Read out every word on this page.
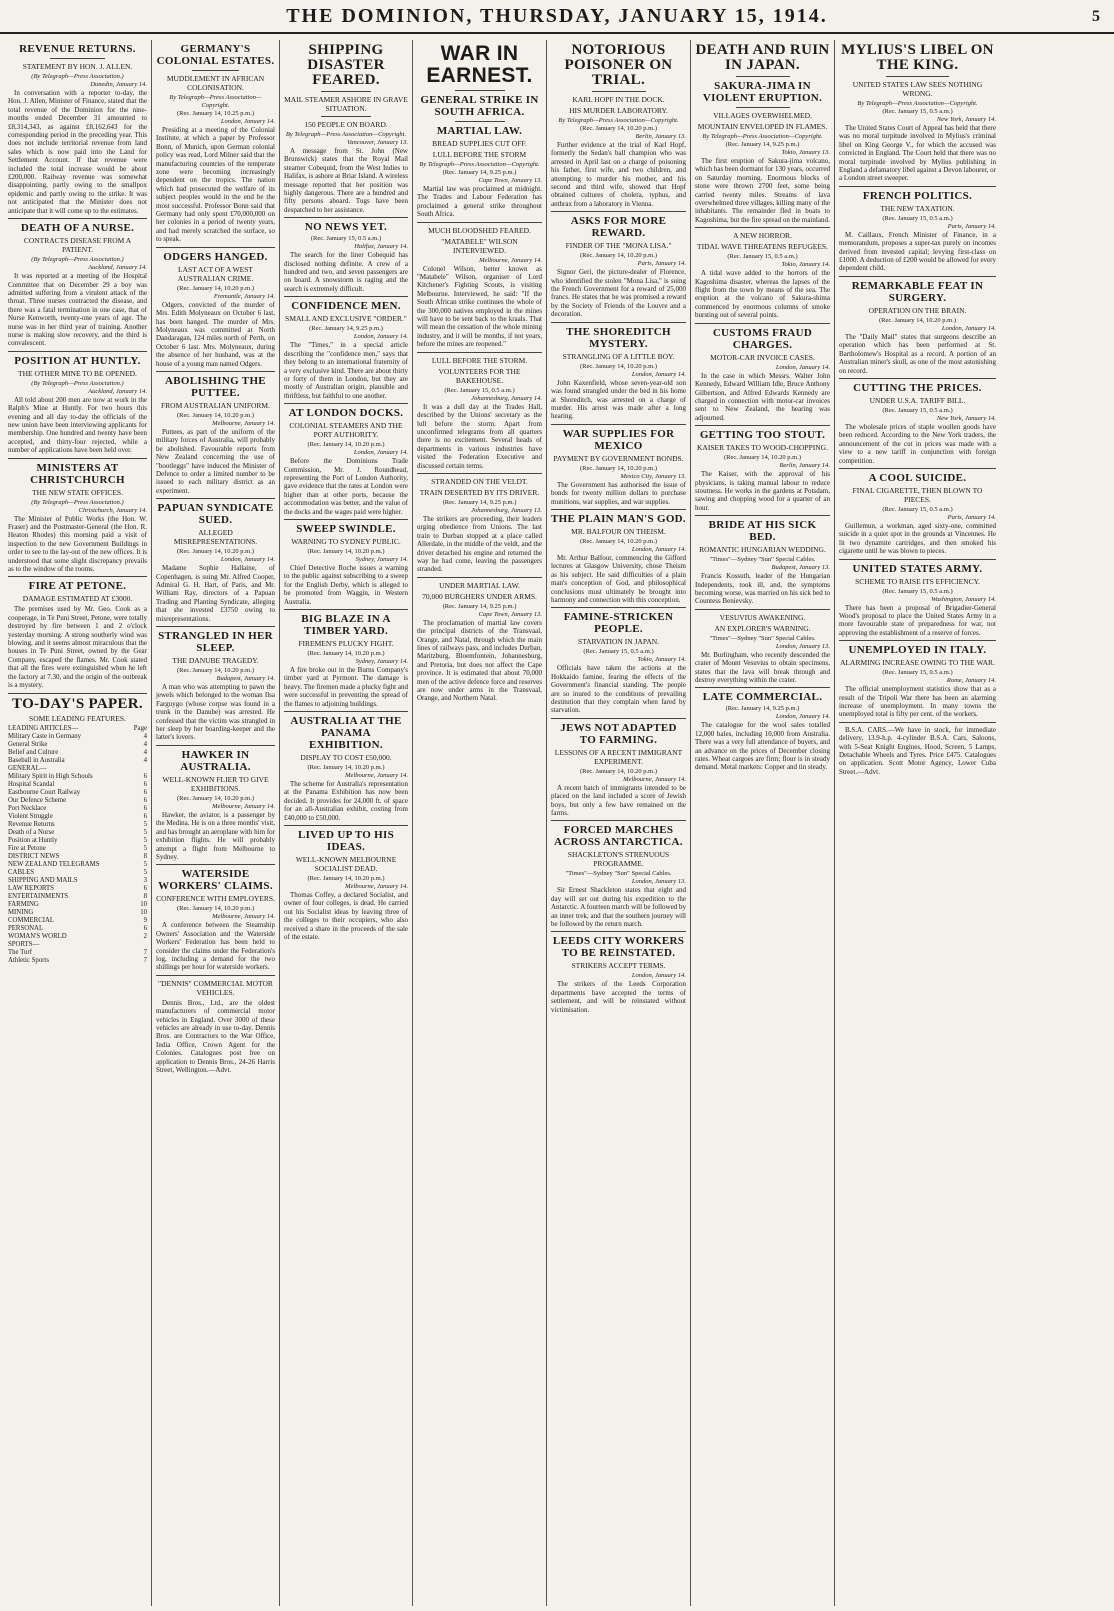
THE DOMINION, THURSDAY, JANUARY 15, 1914.	5
REVENUE RETURNS.
STATEMENT BY HON. J. ALLEN.
(By Telegraph—Press Association.)
Dunedin, January 14.

In conversation with a reporter to-day, the Hon. J. Allen, Minister of Finance, stated that the total revenue of the Dominion for the nine-months ended December 31 amounted to £8,314,343, as against £8,162,643 for the corresponding period in the preceding year. This does not include territorial revenue from land sales which is now paid into the Land for Settlement Account. If that revenue were included the total increase would be about £200,000. Railway revenue was somewhat disappointing, partly owing to the smallpox epidemic and partly owing to the strike. It was not anticipated that the Minister does not anticipate that it will come up to the estimates.

DEATH OF A NURSE.
CONTRACTS DISEASE FROM A PATIENT.
(By Telegraph—Press Association.)
Auckland, January 14.

It was reported at a meeting of the Hospital Committee that on December 29 a boy was admitted suffering from a virulent attack of the throat. Three nurses contracted the disease, and there was a fatal termination in one case, that of Nurse Kenworth, twenty-one years of age. The nurse was in her third year of training. Another nurse is making slow recovery, and the third is convalescent.

POSITION AT HUNTLY.
THE OTHER MINE TO BE OPENED.
(By Telegraph—Press Association.)
Auckland, January 14.

All told about 200 men are now at work in the Ralph's Mine at Huntly. For two hours this evening and all day to-day the officials of the new union have been interviewing applicants for membership. One hundred and twenty have been accepted, and thirty-four rejected, while a number of applications have been held over.

MINISTERS AT CHRISTCHURCH
THE NEW STATE OFFICES.
(By Telegraph—Press Association.)
Christchurch, January 14.

The Minister of Public Works (the Hon. W. Fraser) and the Postmaster-General (the Hon. R. Heaton Rhodes) this morning paid a visit of inspection to the new Government Buildings in order to see to the lay-out of the new offices. It is understood that some slight discrepancy prevails as to the window of the rooms.

FIRE AT PETONE.
DAMAGE ESTIMATED AT £3000.

The premises used by Mr. Geo. Cook as a cooperage, in Te Puni Street, Petone, were totally destroyed by fire between 1 and 2 o'clock yesterday morning. A strong southerly wind was blowing, and it seems almost miraculous that the houses in Te Puni Street, owned by the Gear Company, escaped the flames. Mr. Cook stated that all the fires were extinguished when he left the factory at 7.30, and the origin of the outbreak is a mystery.

TO-DAY'S PAPER.
SOME LEADING FEATURES.
LEADING ARTICLES—	Page
Military Caste in Germany	4
General Strike	4
Belief and Culture	4
Baseball in Australia	4
GENERAL—
Military Spirit in High Schools	6
Hospital Scandal	6
Eastbourne Court Railway	6
Our Defence Scheme	6
Port Necklace	6
Violent Struggle	6
Revenue Returns	5
Death of a Nurse	5
Position at Huntly	5
Fire at Petone	5
DISTRICT NEWS	8
NEW ZEALAND TELEGRAMS	5
CABLES	5
SHIPPING AND MAILS	3
LAW REPORTS	6
ENTERTAINMENTS	8
FARMING	10
MINING	10
COMMERCIAL	9
PERSONAL	6
WOMAN'S WORLD	2
SPORTS—
The Turf	7
Athletic Sports	7
GERMANY'S COLONIAL ESTATES.
MUDDLEMENT IN AFRICAN COLONISATION.
By Telegraph—Press Association—Copyright.
(Rec. January 14, 10.25 p.m.)
London, January 14.

Presiding at a meeting of the Colonial Institute, at which a paper by Professor Bonn, of Munich, upon German colonial policy was read, Lord Milner said that the manufacturing countries of the temperate zone were becoming increasingly dependent on the tropics. The nation which had prosecuted the welfare of its subject peoples would in the end be the most successful. Professor Bonn said that Germany had only spent £70,000,000 on her colonies in a period of twenty years, and had merely scratched the surface, so to speak.

ODGERS HANGED.
LAST ACT OF A WEST AUSTRALIAN CRIME.
(Rec. January 14, 10.20 p.m.)
Fremantle, January 14.

Odgers, convicted of the murder of Mrs. Edith Molyneaux on October 6 last, has been hanged. The murder of Mrs. Molyneaux was committed at North Dandaragan, 124 miles north of Perth, on October 6 last. Mrs. Molyneaux, during the absence of her husband, was at the house of a young man named Odgers.

ABOLISHING THE PUTTEE.
FROM AUSTRALIAN UNIFORM.
(Rec. January 14, 10.20 p.m.)
Melbourne, January 14.

Puttees, as part of the uniform of the military forces of Australia, will probably be abolished. Favourable reports from New Zealand concerning the use of "bootleggs" have induced the Minister of Defence to order a limited number to be issued to each military district as an experiment.

PAPUAN SYNDICATE SUED.
ALLEGED MISREPRESENTATIONS.
(Rec. January 14, 10.20 p.m.)
London, January 14.

Madame Sophie Hallaine, of Copenhagen, is suing Mr. Alfred Cooper, Admiral G. H. Hart, of Paris, and Mr. William Ray, directors of a Papuan Trading and Planting Syndicate, alleging that she invested £3750 owing to misrepresentations.

STRANGLED IN HER SLEEP.
THE DANUBE TRAGEDY.
(Rec. January 14, 10.20 p.m.)
Budapest, January 14.

A man who was attempting to pawn the jewels which belonged to the woman Ilsa Farguygo (whose corpse was found in a trunk in the Danube) was arrested. He confessed that the victim was strangled in her sleep by her boarding-keeper and the latter's lovers.

HAWKER IN AUSTRALIA.
WELL-KNOWN FLIER TO GIVE EXHIBITIONS.
(Rec. January 14, 10.20 p.m.)
Melbourne, January 14.

Hawker, the aviator, is a passenger by the Medina. He is on a three months' visit, and has brought an aeroplane with him for exhibition flights. He will probably attempt a flight from Melbourne to Sydney.

WATERSIDE WORKERS' CLAIMS.
CONFERENCE WITH EMPLOYERS.
(Rec. January 14, 10.20 p.m.)
Melbourne, January 14.

A conference between the Steamship Owners' Association and the Waterside Workers' Federation has been held to consider the claims under the Federation's log, including a demand for the two shillings per hour for waterside workers.

"DENNIS" COMMERCIAL MOTOR VEHICLES.

Dennis Bros., Ltd., are the oldest manufacturers of commercial motor vehicles in England. Over 3000 of these vehicles are already in use to-day. Dennis Bros. are Contractors to the War Office, India Office, Crown Agent for the Colonies. Catalogues post free on application to Dennis Bros., 24-26 Harris Street, Wellington.—Advt.

SHIPPING DISASTER FEARED.
MAIL STEAMER ASHORE IN GRAVE SITUATION.
150 PEOPLE ON BOARD.
By Telegraph—Press Association—Copyright.
Vancouver, January 13.

A message from St. John (New Brunswick) states that the Royal Mail steamer Cobequid, from the West Indies to Halifax, is ashore at Briar Island. A wireless message reported that her position was highly dangerous. There are a hundred and fifty persons aboard. Tugs have been despatched to her assistance.

NO NEWS YET.
(Rec. January 15, 0.5 a.m.)
Halifax, January 14.

The search for the liner Cobequid has disclosed nothing definite. A crew of a hundred and two, and seven passengers are on board. A snowstorm is raging and the search is extremely difficult.

CONFIDENCE MEN.
SMALL AND EXCLUSIVE "ORDER."
(Rec. January 14, 9.25 p.m.)
London, January 14.

The "Times," in a special article describing the "confidence men," says that they belong to an international fraternity of a very exclusive kind. There are about thirty or forty of them in London, but they are mostly of Australian origin, plausible and thriftless, but faithful to one another.

AT LONDON DOCKS.
COLONIAL STEAMERS AND THE PORT AUTHORITY.
(Rec. January 14, 10.20 p.m.)
London, January 14.

Before the Dominions Trade Commission, Mr. J. Roundhead, representing the Port of London Authority, gave evidence that the rates at London were higher than at other ports, because the accommodation was better, and the value of the docks and the wages paid were higher.

SWEEP SWINDLE.
WARNING TO SYDNEY PUBLIC.
(Rec. January 14, 10.20 p.m.)
Sydney, January 14.

Chief Detective Roche issues a warning to the public against subscribing to a sweep for the English Derby, which is alleged to be promoted from Waggin, in Western Australia.

BIG BLAZE IN A TIMBER YARD.
FIREMEN'S PLUCKY FIGHT.
(Rec. January 14, 10.20 p.m.)
Sydney, January 14.

A fire broke out in the Burns Company's timber yard at Pyrmont. The damage is heavy. The firemen made a plucky fight and were successful in preventing the spread of the flames to adjoining buildings.

AUSTRALIA AT THE PANAMA EXHIBITION.
DISPLAY TO COST £50,000.
(Rec. January 14, 10.20 p.m.)
Melbourne, January 14.

The scheme for Australia's representation at the Panama Exhibition has now been decided. It provides for 24,000 ft. of space for an all-Australian exhibit, costing from £40,000 to £50,000.

LIVED UP TO HIS IDEAS.
WELL-KNOWN MELBOURNE SOCIALIST DEAD.
(Rec. January 14, 10.20 p.m.)
Melbourne, January 14.

Thomas Coffey, a declared Socialist, and owner of four colleges, is dead. He carried out his Socialist ideas by leaving three of the colleges to their occupiers, who also received a share in the proceeds of the sale of the estate.

WAR IN EARNEST.
GENERAL STRIKE IN SOUTH AFRICA.
MARTIAL LAW.
BREAD SUPPLIES CUT OFF.
LULL BEFORE THE STORM
By Telegraph—Press Association—Copyright.
(Rec. January 14, 9.25 p.m.)
Cape Town, January 13.

Martial law was proclaimed at midnight. The Trades and Labour Federation has proclaimed a general strike throughout South Africa.

MUCH BLOODSHED FEARED.
"MATABELE" WILSON INTERVIEWED.
Melbourne, January 14.

Colonel Wilson, better known as "Matabele" Wilson, organiser of Lord Kitchener's Fighting Scouts, is visiting Melbourne. Interviewed, he said: "If the South African strike continues the whole of the 300,000 natives employed in the mines will have to be sent back to the kraals. That will mean the cessation of the whole mining industry, and it will be months, if not years, before the mines are reopened."

LULL BEFORE THE STORM.
VOLUNTEERS FOR THE BAKEHOUSE.
(Rec. January 15, 0.5 a.m.)
Johannesburg, January 14.

It was a dull day at the Trades Hall, described by the Unions' secretary as the lull before the storm. Apart from unconfirmed telegrams from all quarters there is no excitement. Several heads of departments in various industries have visited the Federation Executive and discussed certain terms.

STRANDED ON THE VELDT.
TRAIN DESERTED BY ITS DRIVER.
(Rec. January 14, 9.25 p.m.)
Johannesburg, January 13.

The strikers are proceeding, their leaders urging obedience from Unions. The last train to Durban stopped at a place called Allerdale, in the middle of the veldt, and the driver detached his engine and returned the way he had come, leaving the passengers stranded.

UNDER MARTIAL LAW.
70,000 BURGHERS UNDER ARMS.
(Rec. January 14, 9.25 p.m.)
Cape Town, January 13.

The proclamation of martial law covers the principal districts of the Transvaal, Orange, and Natal, through which the main lines of railways pass, and includes Durban, Maritzburg, Bloemfontein, Johannesburg, and Pretoria, but does not affect the Cape province. It is estimated that about 70,000 men of the active defence force and reserves are now under arms in the Transvaal, Orange, and Northern Natal.

NOTORIOUS POISONER ON TRIAL.
KARL HOPF IN THE DOCK.
HIS MURDER LABORATORY.
By Telegraph—Press Association—Copyright.
(Rec. January 14, 10.20 p.m.)
Berlin, January 13.

Further evidence at the trial of Karl Hopf, formerly the Sedan's ball champion who was arrested in April last on a charge of poisoning his father, first wife, and two children, and attempting to murder his mother, and his second and third wife, showed that Hopf obtained cultures of cholera, typhus, and anthrax from a laboratory in Vienna.

ASKS FOR MORE REWARD.
FINDER OF THE "MONA LISA."
(Rec. January 14, 10.20 p.m.)
Paris, January 14.

Signor Geri, the picture-dealer of Florence, who identified the stolen "Mona Lisa," is suing the French Government for a reward of 25,000 francs. He states that he was promised a reward by the Society of Friends of the Louvre and a decoration.

THE SHOREDITCH MYSTERY.
STRANGLING OF A LITTLE BOY.
(Rec. January 14, 10.20 p.m.)
London, January 14.

John Kaxenfield, whose seven-year-old son was found strangled under the bed in his home at Shoreditch, was arrested on a charge of murder. His arrest was made after a long hearing.

WAR SUPPLIES FOR MEXICO
PAYMENT BY GOVERNMENT BONDS.
(Rec. January 14, 10.20 p.m.)
Mexico City, January 13.

The Government has authorised the issue of bonds for twenty million dollars to purchase munitions, war supplies, and war supplies.

THE PLAIN MAN'S GOD.
MR. BALFOUR ON THEISM.
(Rec. January 14, 10.20 p.m.)
London, January 14.

Mr. Arthur Balfour, commencing the Gifford lectures at Glasgow University, chose Theism as his subject. He said difficulties of a plain man's conception of God, and philosophical conclusions must ultimately be brought into harmony and connection with this conception.

FAMINE-STRICKEN PEOPLE.
STARVATION IN JAPAN.
(Rec. January 15, 0.5 a.m.)
Tokio, January 14.

Officials have taken the actions at the Hokkaido famine, fearing the effects of the Government's financial standing. The people are so inured to the conditions of prevailing destitution that they complain when fared by starvation.

JEWS NOT ADAPTED TO FARMING.
LESSONS OF A RECENT IMMIGRANT EXPERIMENT.
(Rec. January 14, 10.20 p.m.)
Melbourne, January 14.

A recent batch of immigrants intended to be placed on the land included a score of Jewish boys, but only a few have remained on the farms.

FORCED MARCHES ACROSS ANTARCTICA.
SHACKLETON'S STRENUOUS PROGRAMME.
"Times"—Sydney "Sun" Special Cables.
London, January 13.

Sir Ernest Shackleton states that eight and day will set out during his expedition to the Antarctic. A fourteen march will be followed by an inner trek, and that the southern journey will be followed by the return march.

LEEDS CITY WORKERS TO BE REINSTATED.
STRIKERS ACCEPT TERMS.
London, January 14.

The strikers of the Leeds Corporation departments have accepted the terms of settlement, and will be reinstated without victimisation.

DEATH AND RUIN IN JAPAN.
SAKURA-JIMA IN VIOLENT ERUPTION.
VILLAGES OVERWHELMED.
MOUNTAIN ENVELOPED IN FLAMES.
By Telegraph—Press Association—Copyright.
(Rec. January 14, 9.25 p.m.)
Tokio, January 13.

The first eruption of Sakura-jima volcano, which has been dormant for 130 years, occurred on Saturday morning. Enormous blocks of stone were thrown 2700 feet, some being carried twenty miles. Streams of lava overwhelmed three villages, killing many of the inhabitants. The remainder fled in boats to Kagoshima, but the fire spread on the mainland.

A NEW HORROR.
TIDAL WAVE THREATENS REFUGEES.
(Rec. January 15, 0.5 a.m.)
Tokio, January 14.

A tidal wave added to the horrors of the Kagoshima disaster, whereas the lapses of the flight from the town by means of the sea. The eruption at the volcano of Sakura-shima commenced by enormous columns of smoke bursting out of several points.

CUSTOMS FRAUD CHARGES.
MOTOR-CAR INVOICE CASES.
London, January 14.

In the case in which Messrs. Walter John Kennedy, Edward William Idle, Bruce Anthony Gilbertson, and Alfred Edwards Kennedy are charged in connection with motor-car invoices sent to New Zealand, the hearing was adjourned.

GETTING TOO STOUT.
KAISER TAKES TO WOOD-CHOPPING.
(Rec. January 14, 10.20 p.m.)
Berlin, January 14.

The Kaiser, with the approval of his physicians, is taking manual labour to reduce stoutness. He works in the gardens at Potsdam, sawing and chopping wood for a quarter of an hour.

BRIDE AT HIS SICK BED.
ROMANTIC HUNGARIAN WEDDING.
"Times"—Sydney "Sun" Special Cables.
Budapest, January 13.

Francis Kossuth, leader of the Hungarian Independents, took ill, and, the symptoms becoming worse, was married on his sick bed to Countess Benievsky.

VESUVIUS AWAKENING.
AN EXPLORER'S WARNING.
"Times"—Sydney "Sun" Special Cables.
London, January 13.

Mr. Burlingham, who recently descended the crater of Mount Vesuvius to obtain specimens, states that the lava will break through and destroy everything within the crater.

LATE COMMERCIAL.
(Rec. January 14, 9.25 p.m.)
London, January 14.

The catalogue for the wool sales totalled 12,000 bales, including 10,000 from Australia. There was a very full attendance of buyers, and an advance on the prices of December closing rates. Wheat cargoes are firm; flour is in steady demand. Metal markets: Copper and tin steady.

MYLIUS'S LIBEL ON THE KING.
UNITED STATES LAW SEES NOTHING WRONG.
By Telegraph—Press Association—Copyright.
(Rec. January 15, 0.5 a.m.)
New York, January 14.

The United States Court of Appeal has held that there was no moral turpitude involved in Mylius's criminal libel on King George V., for which the accused was convicted in England. The Court held that there was no moral turpitude involved by Mylius publishing in England a defamatory libel against a Devon labourer, or a London street sweeper.

FRENCH POLITICS.
THE NEW TAXATION.
(Rec. January 15, 0.5 a.m.)
Paris, January 14.

M. Caillaux, French Minister of Finance, in a memorandum, proposes a super-tax purely on incomes derived from invested capital; levying first-class on £1000. A deduction of £200 would be allowed for every dependent child.

REMARKABLE FEAT IN SURGERY.
OPERATION ON THE BRAIN.
(Rec. January 14, 10.20 p.m.)
London, January 14.

The "Daily Mail" states that surgeons describe an operation which has been performed at St. Bartholomew's Hospital as a record. A portion of an Australian miner's skull, as one of the most astonishing on record.

CUTTING THE PRICES.
UNDER U.S.A. TARIFF BILL.
(Rec. January 15, 0.5 a.m.)
New York, January 14.

The wholesale prices of staple woollen goods have been reduced. According to the New York traders, the announcement of the cut in prices was made with a view to a new tariff in conjunction with foreign competition.

A COOL SUICIDE.
FINAL CIGARETTE, THEN BLOWN TO PIECES.
(Rec. January 15, 0.5 a.m.)
Paris, January 14.

Guillemun, a workman, aged sixty-one, committed suicide in a quiet spot in the grounds at Vincennes. He lit two dynamite cartridges, and then smoked his cigarette until he was blown to pieces.

UNITED STATES ARMY.
SCHEME TO RAISE ITS EFFICIENCY.
(Rec. January 15, 0.5 a.m.)
Washington, January 14.

There has been a proposal of Brigadier-General Wood's proposal to place the United States Army in a more favourable state of preparedness for war, not approving the establishment of a reserve of forces.

UNEMPLOYED IN ITALY.
ALARMING INCREASE OWING TO THE WAR.
(Rec. January 15, 0.5 a.m.)
Rome, January 14.

The official unemployment statistics show that as a result of the Tripoli War there has been an alarming increase of unemployment. In many towns the unemployed total is fifty per cent. of the workers.

B.S.A. CARS.—We have in stock, for immediate delivery, 13.9-h.p. 4-cylinder B.S.A. Cars, Saloons, with 5-Seat Knight Engines, Hood, Screen, 5 Lamps, Detachable Wheels and Tyres. Price £475. Catalogues on application. Scott Motor Agency, Lower Cuba Street.—Advt.
